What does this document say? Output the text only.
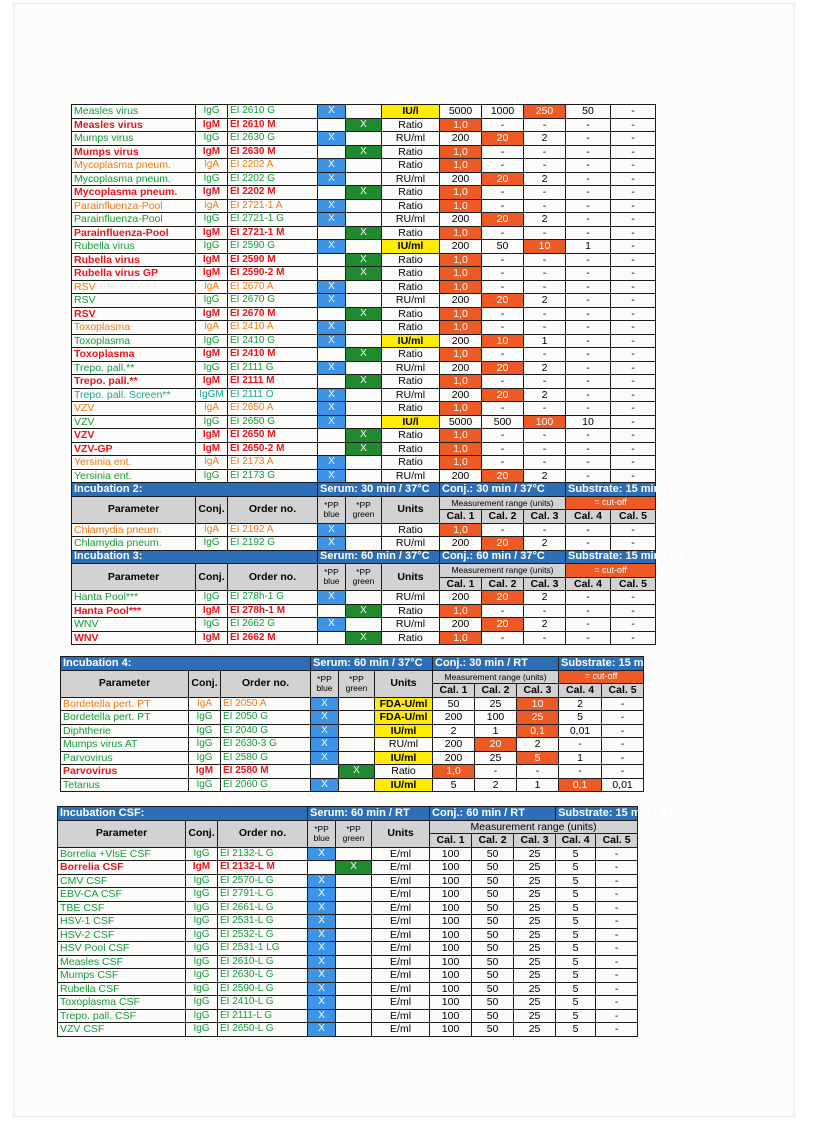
Measles virus	IgG	EI 2610 G	X		IU/l	5000	1000	250	50	-
Measles virus	IgM	EI 2610 M		X	Ratio	1,0	-	-	-	-
Mumps virus	IgG	EI 2630 G	X		RU/ml	200	20	2	-	-
Mumps virus	IgM	EI 2630 M		X	Ratio	1,0	-	-	-	-
Mycoplasma pneum.	IgA	EI 2202 A	X		Ratio	1,0	-	-	-	-
Mycoplasma pneum.	IgG	EI 2202 G	X		RU/ml	200	20	2	-	-
Mycoplasma pneum.	IgM	EI 2202 M		X	Ratio	1,0	-	-	-	-
Parainfluenza-Pool	IgA	EI 2721-1 A	X		Ratio	1,0	-	-	-	-
Parainfluenza-Pool	IgG	EI 2721-1 G	X		RU/ml	200	20	2	-	-
Parainfluenza-Pool	IgM	EI 2721-1 M		X	Ratio	1,0	-	-	-	-
Rubella virus	IgG	EI 2590 G	X		IU/ml	200	50	10	1	-
Rubella virus	IgM	EI 2590 M		X	Ratio	1,0	-	-	-	-
Rubella virus GP	IgM	EI 2590-2 M		X	Ratio	1,0	-	-	-	-
RSV	IgA	EI 2670 A	X		Ratio	1,0	-	-	-	-
RSV	IgG	EI 2670 G	X		RU/ml	200	20	2	-	-
RSV	IgM	EI 2670 M		X	Ratio	1,0	-	-	-	-
Toxoplasma	IgA	EI 2410 A	X		Ratio	1,0	-	-	-	-
Toxoplasma	IgG	EI 2410 G	X		IU/ml	200	10	1	-	-
Toxoplasma	IgM	EI 2410 M		X	Ratio	1,0	-	-	-	-
Trepo. pall.**	IgG	EI 2111 G	X		RU/ml	200	20	2	-	-
Trepo. pall.**	IgM	EI 2111 M		X	Ratio	1,0	-	-	-	-
Trepo. pall. Screen**	IgGM	EI 2111 O	X		RU/ml	200	20	2	-	-
VZV	IgA	EI 2650 A	X		Ratio	1,0	-	-	-	-
VZV	IgG	EI 2650 G	X		IU/l	5000	500	100	10	-
VZV	IgM	EI 2650 M		X	Ratio	1,0	-	-	-	-
VZV-GP	IgM	EI 2650-2 M		X	Ratio	1,0	-	-	-	-
Yersinia ent.	IgA	EI 2173 A	X		Ratio	1,0	-	-	-	-
Yersinia ent.	IgG	EI 2173 G	X		RU/ml	200	20	2	-	-
Incubation 2:			Serum: 30 min / 37°C			Conj.: 30 min / 37°C			Substrate: 15 min / RT	
Parameter	Conj.	Order no.	*PP blue	*PP green	Units	Measurement range (units)			= cut-off	
						Cal. 1	Cal. 2	Cal. 3	Cal. 4	Cal. 5
Chlamydia pneum.	IgA	EI 2192 A	X		Ratio	1,0	-	-	-	-
Chlamydia pneum.	IgG	EI 2192 G	X		RU/ml	200	20	2	-	-
Incubation 3:			Serum: 60 min / 37°C			Conj.: 60 min / 37°C			Substrate: 15 min / RT	
Parameter	Conj.	Order no.	*PP blue	*PP green	Units	Measurement range (units)			= cut-off	
						Cal. 1	Cal. 2	Cal. 3	Cal. 4	Cal. 5
Hanta Pool***	IgG	EI 278h-1 G	X		RU/ml	200	20	2	-	-
Hanta Pool***	IgM	EI 278h-1 M		X	Ratio	1,0	-	-	-	-
WNV	IgG	EI 2662 G	X		RU/ml	200	20	2	-	-
WNV	IgM	EI 2662 M		X	Ratio	1,0	-	-	-	-
Incubation 4:			Serum: 60 min / 37°C			Conj.: 30 min / RT			Substrate: 15 min / RT	
Parameter	Conj.	Order no.	*PP blue	*PP green	Units	Measurement range (units)			= cut-off	
						Cal. 1	Cal. 2	Cal. 3	Cal. 4	Cal. 5
Bordetella pert. PT	IgA	EI 2050 A	X		FDA-U/ml	50	25	10	2	-
Bordetella pert. PT	IgG	EI 2050 G	X		FDA-U/ml	200	100	25	5	-
Diphtherie	IgG	EI 2040 G	X		IU/ml	2	1	0,1	0,01	-
Mumps virus AT	IgG	EI 2630-3 G	X		RU/ml	200	20	2	-	-
Parvovirus	IgG	EI 2580 G	X		IU/ml	200	25	5	1	-
Parvovirus	IgM	EI 2580 M		X	Ratio	1,0	-	-	-	-
Tetanus	IgG	EI 2060 G	X		IU/ml	5	2	1	0,1	0,01
Incubation CSF:			Serum: 60 min / RT			Conj.: 60 min / RT			Substrate: 15 min / RT	
Parameter	Conj.	Order no.	*PP blue	*PP green	Units	Measurement range (units)				
						Cal. 1	Cal. 2	Cal. 3	Cal. 4	Cal. 5
Borrelia +VlsE CSF	IgG	EI 2132-L G	X		E/ml	100	50	25	5	-
Borrelia CSF	IgM	EI 2132-L M		X	E/ml	100	50	25	5	-
CMV CSF	IgG	EI 2570-L G	X		E/ml	100	50	25	5	-
EBV-CA CSF	IgG	EI 2791-L G	X		E/ml	100	50	25	5	-
TBE CSF	IgG	EI 2661-L G	X		E/ml	100	50	25	5	-
HSV-1 CSF	IgG	EI 2531-L G	X		E/ml	100	50	25	5	-
HSV-2 CSF	IgG	EI 2532-L G	X		E/ml	100	50	25	5	-
HSV Pool CSF	IgG	EI 2531-1 LG	X		E/ml	100	50	25	5	-
Measles CSF	IgG	EI 2610-L G	X		E/ml	100	50	25	5	-
Mumps CSF	IgG	EI 2630-L G	X		E/ml	100	50	25	5	-
Rubella CSF	IgG	EI 2590-L G	X		E/ml	100	50	25	5	-
Toxoplasma CSF	IgG	EI 2410-L G	X		E/ml	100	50	25	5	-
Trepo. pall. CSF	IgG	EI 2111-L G	X		E/ml	100	50	25	5	-
VZV CSF	IgG	EI 2650-L G	X		E/ml	100	50	25	5	-
